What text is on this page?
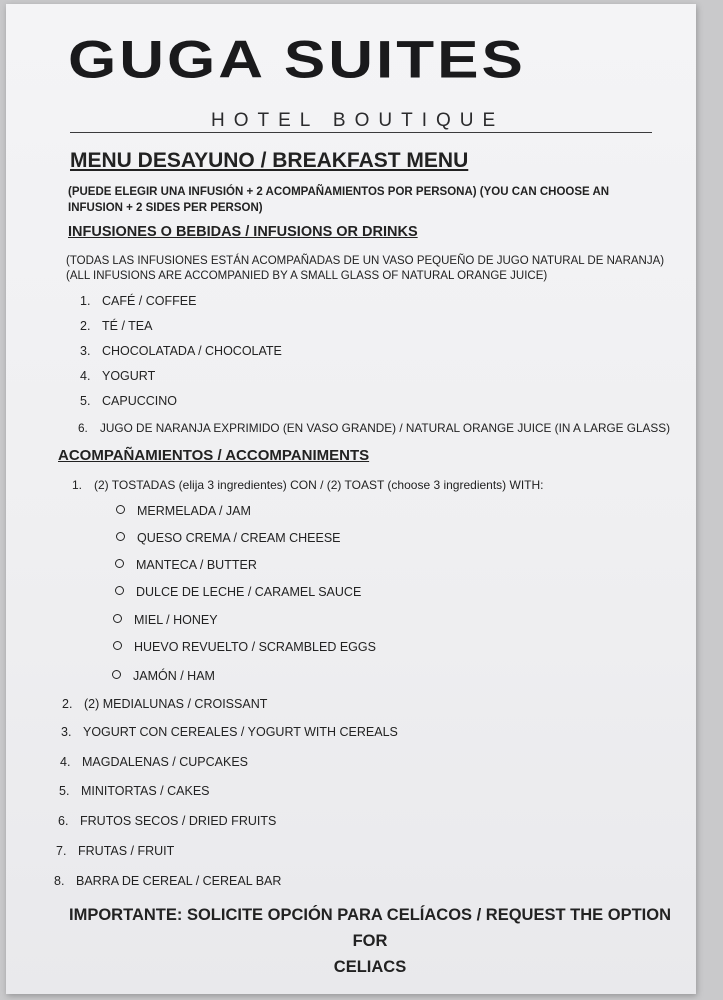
GUGA SUITES
HOTEL BOUTIQUE
MENU DESAYUNO / BREAKFAST MENU
(PUEDE ELEGIR UNA INFUSIÓN + 2 ACOMPAÑAMIENTOS POR PERSONA) (YOU CAN CHOOSE AN INFUSION + 2 SIDES PER PERSON)
INFUSIONES O BEBIDAS / INFUSIONS OR DRINKS
(TODAS LAS INFUSIONES ESTÁN ACOMPAÑADAS DE UN VASO PEQUEÑO DE JUGO NATURAL DE NARANJA)
(ALL INFUSIONS ARE ACCOMPANIED BY A SMALL GLASS OF NATURAL ORANGE JUICE)
1. CAFÉ / COFFEE
2. TÉ / TEA
3. CHOCOLATADA / CHOCOLATE
4. YOGURT
5. CAPUCCINO
6. JUGO DE NARANJA EXPRIMIDO (EN VASO GRANDE) / NATURAL ORANGE JUICE (IN A LARGE GLASS)
ACOMPAÑAMIENTOS / ACCOMPANIMENTS
1. (2) TOSTADAS (elija 3 ingredientes) CON / (2) TOAST (choose 3 ingredients) WITH:
MERMELADA / JAM
QUESO CREMA / CREAM CHEESE
MANTECA / BUTTER
DULCE DE LECHE / CARAMEL SAUCE
MIEL / HONEY
HUEVO REVUELTO / SCRAMBLED EGGS
JAMÓN / HAM
2. (2) MEDIALUNAS / CROISSANT
3. YOGURT CON CEREALES / YOGURT WITH CEREALS
4. MAGDALENAS / CUPCAKES
5. MINITORTAS / CAKES
6. FRUTOS SECOS / DRIED FRUITS
7. FRUTAS / FRUIT
8. BARRA DE CEREAL / CEREAL BAR
IMPORTANTE: SOLICITE OPCIÓN PARA CELÍACOS / REQUEST THE OPTION FOR
CELIACS
